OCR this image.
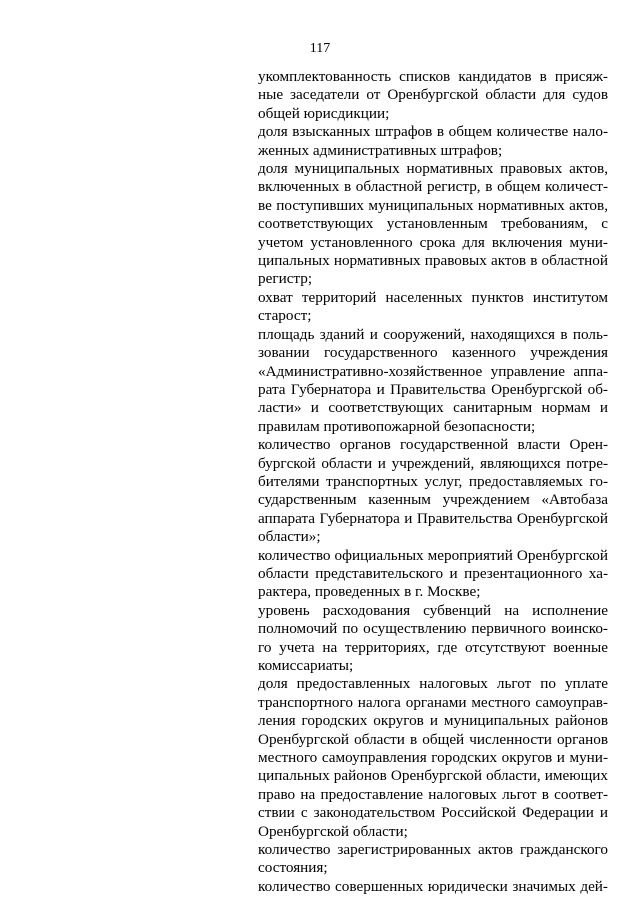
117
укомплектованность списков кандидатов в присяж-
ные заседатели от Оренбургской области для судов
общей юрисдикции;
доля взысканных штрафов в общем количестве нало-
женных административных штрафов;
доля муниципальных нормативных правовых актов,
включенных в областной регистр, в общем количест-
ве поступивших муниципальных нормативных актов,
соответствующих установленным требованиям, с
учетом установленного срока для включения муни-
ципальных нормативных правовых актов в областной
регистр;
охват территорий населенных пунктов институтом
старост;
площадь зданий и сооружений, находящихся в поль-
зовании государственного казенного учреждения
«Административно-хозяйственное управление аппа-
рата Губернатора и Правительства Оренбургской об-
ласти» и соответствующих санитарным нормам и
правилам противопожарной безопасности;
количество органов государственной власти Орен-
бургской области и учреждений, являющихся потре-
бителями транспортных услуг, предоставляемых го-
сударственным казенным учреждением «Автобаза
аппарата Губернатора и Правительства Оренбургской
области»;
количество официальных мероприятий Оренбургской
области представительского и презентационного ха-
рактера, проведенных в г. Москве;
уровень расходования субвенций на исполнение
полномочий по осуществлению первичного воинско-
го учета на территориях, где отсутствуют военные
комиссариаты;
доля предоставленных налоговых льгот по уплате
транспортного налога органами местного самоуправ-
ления городских округов и муниципальных районов
Оренбургской области в общей численности органов
местного самоуправления городских округов и муни-
ципальных районов Оренбургской области, имеющих
право на предоставление налоговых льгот в соответ-
ствии с законодательством Российской Федерации и
Оренбургской области;
количество зарегистрированных актов гражданского
состояния;
количество совершенных юридически значимых дей-
